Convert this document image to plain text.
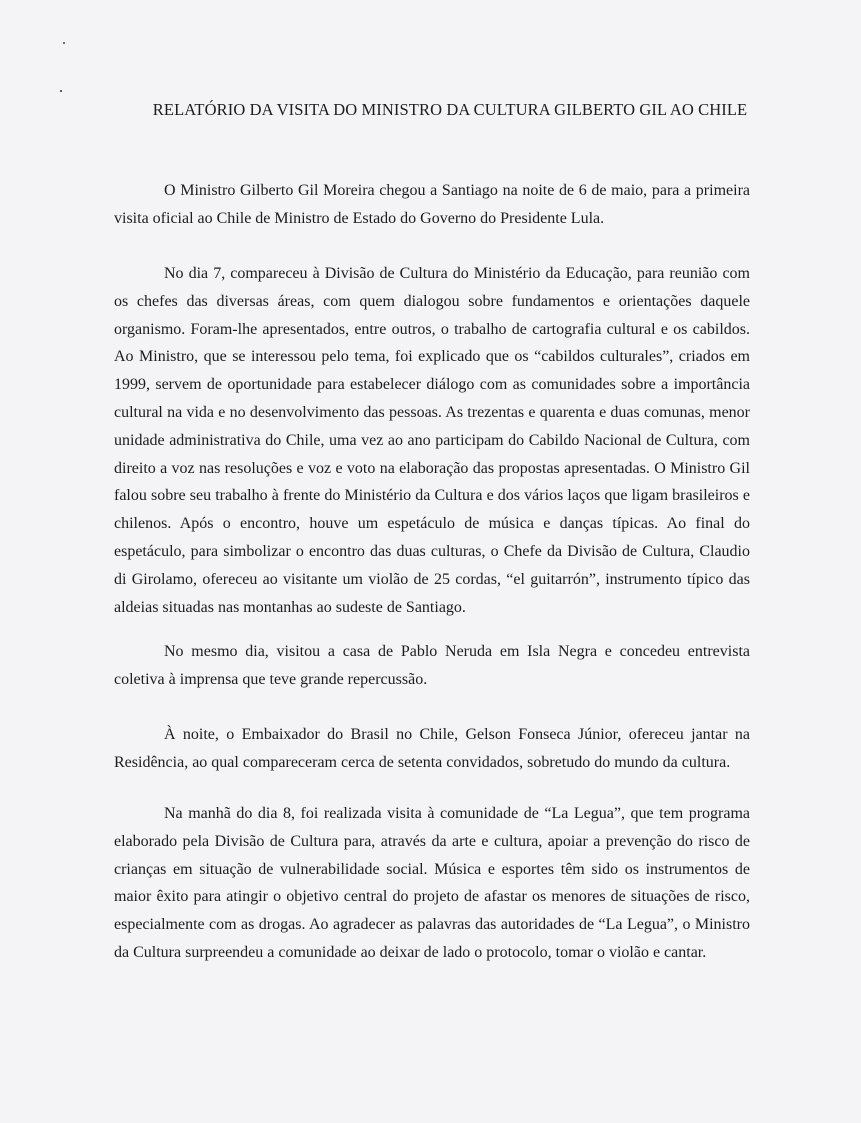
RELATÓRIO DA VISITA DO MINISTRO DA CULTURA GILBERTO GIL AO CHILE

O Ministro Gilberto Gil Moreira chegou a Santiago na noite de 6 de maio, para a primeira visita oficial ao Chile de Ministro de Estado do Governo do Presidente Lula.

No dia 7, compareceu à Divisão de Cultura do Ministério da Educação, para reunião com os chefes das diversas áreas, com quem dialogou sobre fundamentos e orientações daquele organismo. Foram-lhe apresentados, entre outros, o trabalho de cartografia cultural e os cabildos. Ao Ministro, que se interessou pelo tema, foi explicado que os “cabildos culturales”, criados em 1999, servem de oportunidade para estabelecer diálogo com as comunidades sobre a importância cultural na vida e no desenvolvimento das pessoas. As trezentas e quarenta e duas comunas, menor unidade administrativa do Chile, uma vez ao ano participam do Cabildo Nacional de Cultura, com direito a voz nas resoluções e voz e voto na elaboração das propostas apresentadas. O Ministro Gil falou sobre seu trabalho à frente do Ministério da Cultura e dos vários laços que ligam brasileiros e chilenos. Após o encontro, houve um espetáculo de música e danças típicas. Ao final do espetáculo, para simbolizar o encontro das duas culturas, o Chefe da Divisão de Cultura, Claudio di Girolamo, ofereceu ao visitante um violão de 25 cordas, “el guitarrón”, instrumento típico das aldeias situadas nas montanhas ao sudeste de Santiago.

No mesmo dia, visitou a casa de Pablo Neruda em Isla Negra e concedeu entrevista coletiva à imprensa que teve grande repercussão.

À noite, o Embaixador do Brasil no Chile, Gelson Fonseca Júnior, ofereceu jantar na Residência, ao qual compareceram cerca de setenta convidados, sobretudo do mundo da cultura.

Na manhã do dia 8, foi realizada visita à comunidade de “La Legua”, que tem programa elaborado pela Divisão de Cultura para, através da arte e cultura, apoiar a prevenção do risco de crianças em situação de vulnerabilidade social. Música e esportes têm sido os instrumentos de maior êxito para atingir o objetivo central do projeto de afastar os menores de situações de risco, especialmente com as drogas. Ao agradecer as palavras das autoridades de “La Legua”, o Ministro da Cultura surpreendeu a comunidade ao deixar de lado o protocolo, tomar o violão e cantar.
